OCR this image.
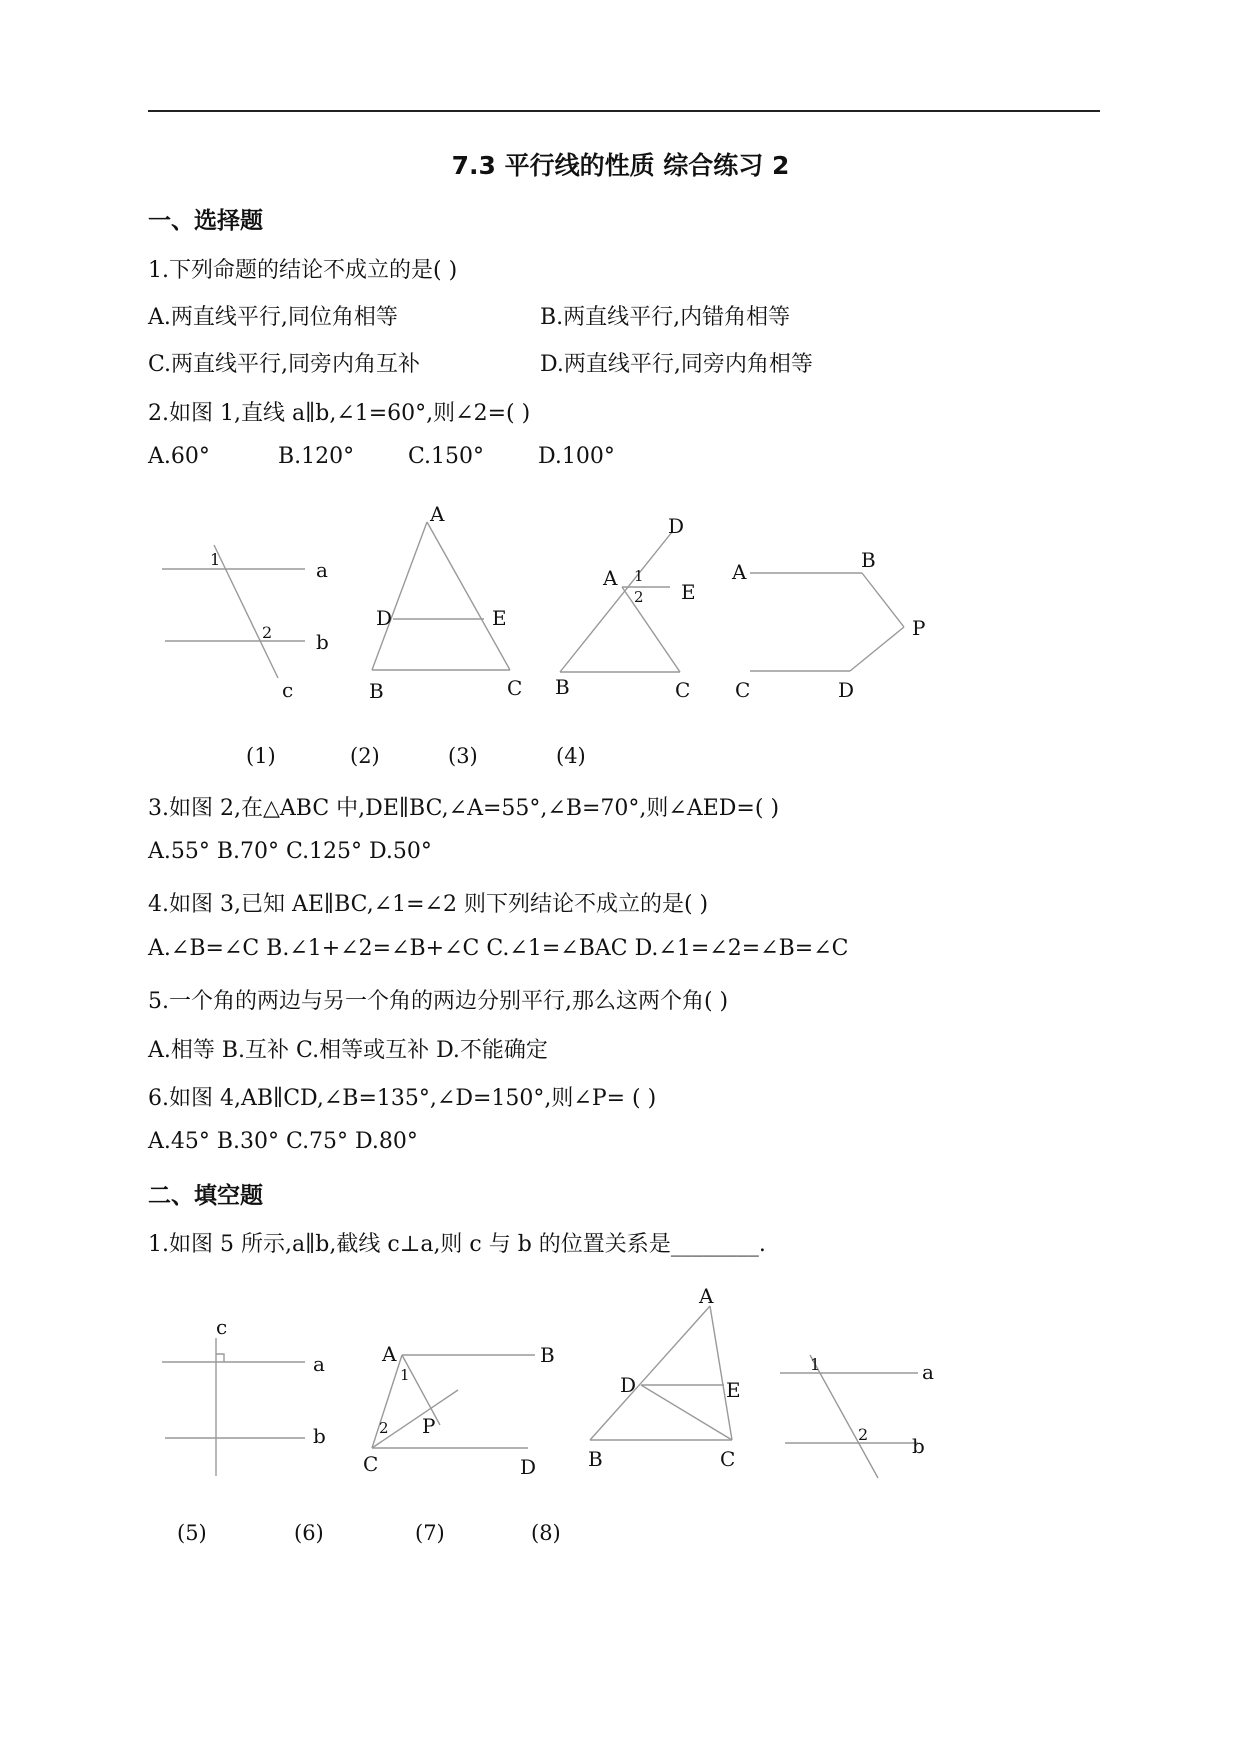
7.3 平行线的性质 综合练习 2
一、选择题
1.下列命题的结论不成立的是( )
A.两直线平行,同位角相等	B.两直线平行,内错角相等
C.两直线平行,同旁内角互补	D.两直线平行,同旁内角相等
2.如图 1,直线 a∥b,∠1=60°,则∠2=( )
A.60°	B.120° C.150° D.100°
1	a
2 b
c
A
D	E
B	C
D
A 1
2 E
B	C
A	B
P
C	D
(1)	(2)	(3)	(4)
3.如图 2,在△ABC 中,DE∥BC,∠A=55°,∠B=70°,则∠AED=( )
A.55° B.70° C.125° D.50°
4.如图 3,已知 AE∥BC,∠1=∠2 则下列结论不成立的是( )
A.∠B=∠C B.∠1+∠2=∠B+∠C C.∠1=∠BAC D.∠1=∠2=∠B=∠C
5.一个角的两边与另一个角的两边分别平行,那么这两个角( )
A.相等 B.互补 C.相等或互补 D.不能确定
6.如图 4,AB∥CD,∠B=135°,∠D=150°,则∠P= ( )
A.45° B.30° C.75° D.80°
二、填空题
1.如图 5 所示,a∥b,截线 c⊥a,则 c 与 b 的位置关系是________.
c
a
b
A	B
1
2 P
C	D
A
D	E
B	C
1	a
2 b
(5)	(6)	(7)	(8)
